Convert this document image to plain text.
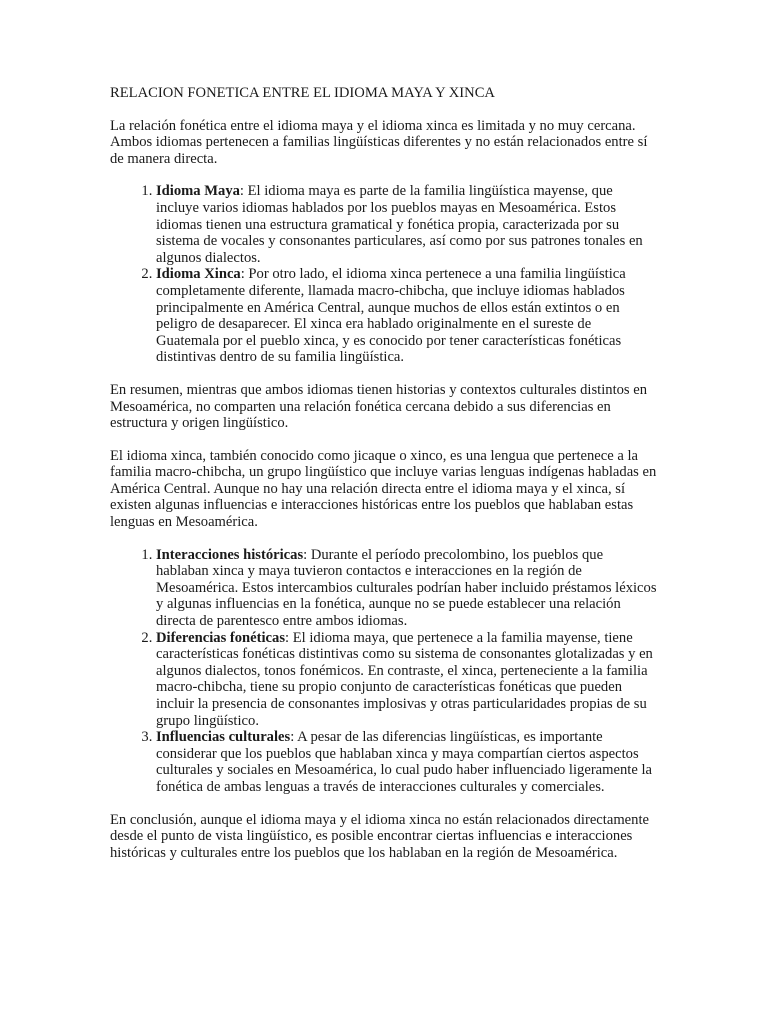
RELACION FONETICA ENTRE EL IDIOMA MAYA Y XINCA

La relación fonética entre el idioma maya y el idioma xinca es limitada y no muy cercana. Ambos idiomas pertenecen a familias lingüísticas diferentes y no están relacionados entre sí de manera directa.

1. Idioma Maya: El idioma maya es parte de la familia lingüística mayense, que incluye varios idiomas hablados por los pueblos mayas en Mesoamérica. Estos idiomas tienen una estructura gramatical y fonética propia, caracterizada por su sistema de vocales y consonantes particulares, así como por sus patrones tonales en algunos dialectos.
2. Idioma Xinca: Por otro lado, el idioma xinca pertenece a una familia lingüística completamente diferente, llamada macro-chibcha, que incluye idiomas hablados principalmente en América Central, aunque muchos de ellos están extintos o en peligro de desaparecer. El xinca era hablado originalmente en el sureste de Guatemala por el pueblo xinca, y es conocido por tener características fonéticas distintivas dentro de su familia lingüística.

En resumen, mientras que ambos idiomas tienen historias y contextos culturales distintos en Mesoamérica, no comparten una relación fonética cercana debido a sus diferencias en estructura y origen lingüístico.

El idioma xinca, también conocido como jicaque o xinco, es una lengua que pertenece a la familia macro-chibcha, un grupo lingüístico que incluye varias lenguas indígenas habladas en América Central. Aunque no hay una relación directa entre el idioma maya y el xinca, sí existen algunas influencias e interacciones históricas entre los pueblos que hablaban estas lenguas en Mesoamérica.

1. Interacciones históricas: Durante el período precolombino, los pueblos que hablaban xinca y maya tuvieron contactos e interacciones en la región de Mesoamérica. Estos intercambios culturales podrían haber incluido préstamos léxicos y algunas influencias en la fonética, aunque no se puede establecer una relación directa de parentesco entre ambos idiomas.
2. Diferencias fonéticas: El idioma maya, que pertenece a la familia mayense, tiene características fonéticas distintivas como su sistema de consonantes glotalizadas y en algunos dialectos, tonos fonémicos. En contraste, el xinca, perteneciente a la familia macro-chibcha, tiene su propio conjunto de características fonéticas que pueden incluir la presencia de consonantes implosivas y otras particularidades propias de su grupo lingüístico.
3. Influencias culturales: A pesar de las diferencias lingüísticas, es importante considerar que los pueblos que hablaban xinca y maya compartían ciertos aspectos culturales y sociales en Mesoamérica, lo cual pudo haber influenciado ligeramente la fonética de ambas lenguas a través de interacciones culturales y comerciales.

En conclusión, aunque el idioma maya y el idioma xinca no están relacionados directamente desde el punto de vista lingüístico, es posible encontrar ciertas influencias e interacciones históricas y culturales entre los pueblos que los hablaban en la región de Mesoamérica.
